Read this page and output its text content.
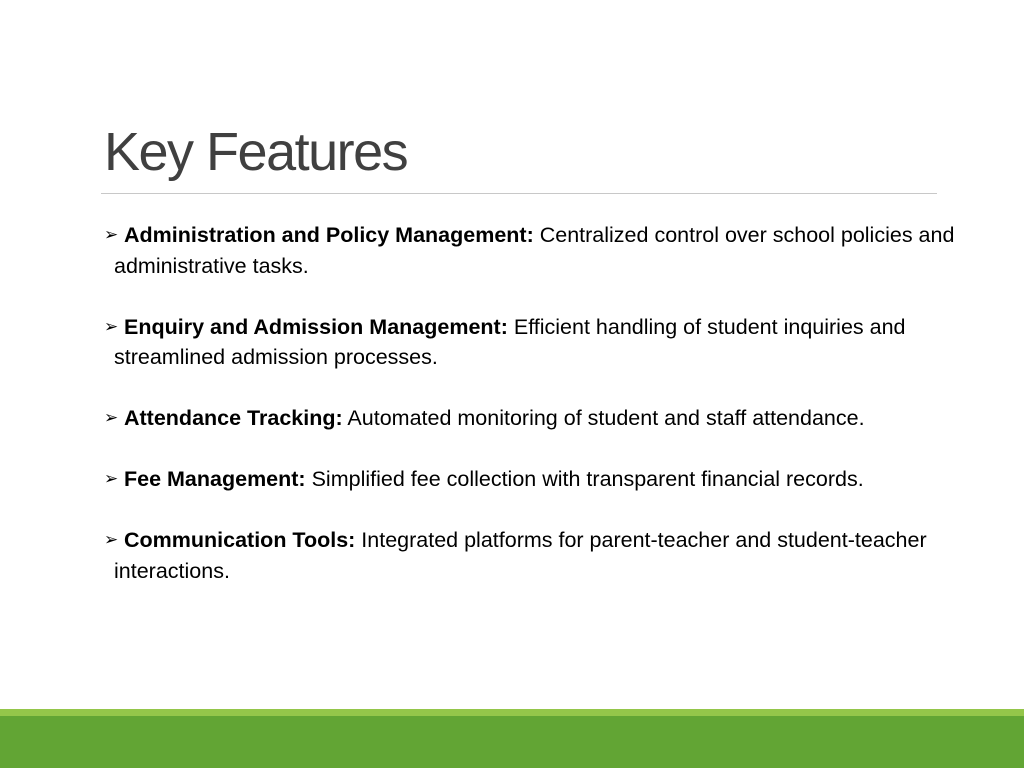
Key Features
➢ Administration and Policy Management: Centralized control over school policies and administrative tasks.
➢ Enquiry and Admission Management: Efficient handling of student inquiries and streamlined admission processes.
➢ Attendance Tracking: Automated monitoring of student and staff attendance.
➢ Fee Management: Simplified fee collection with transparent financial records.
➢ Communication Tools: Integrated platforms for parent-teacher and student-teacher interactions.
